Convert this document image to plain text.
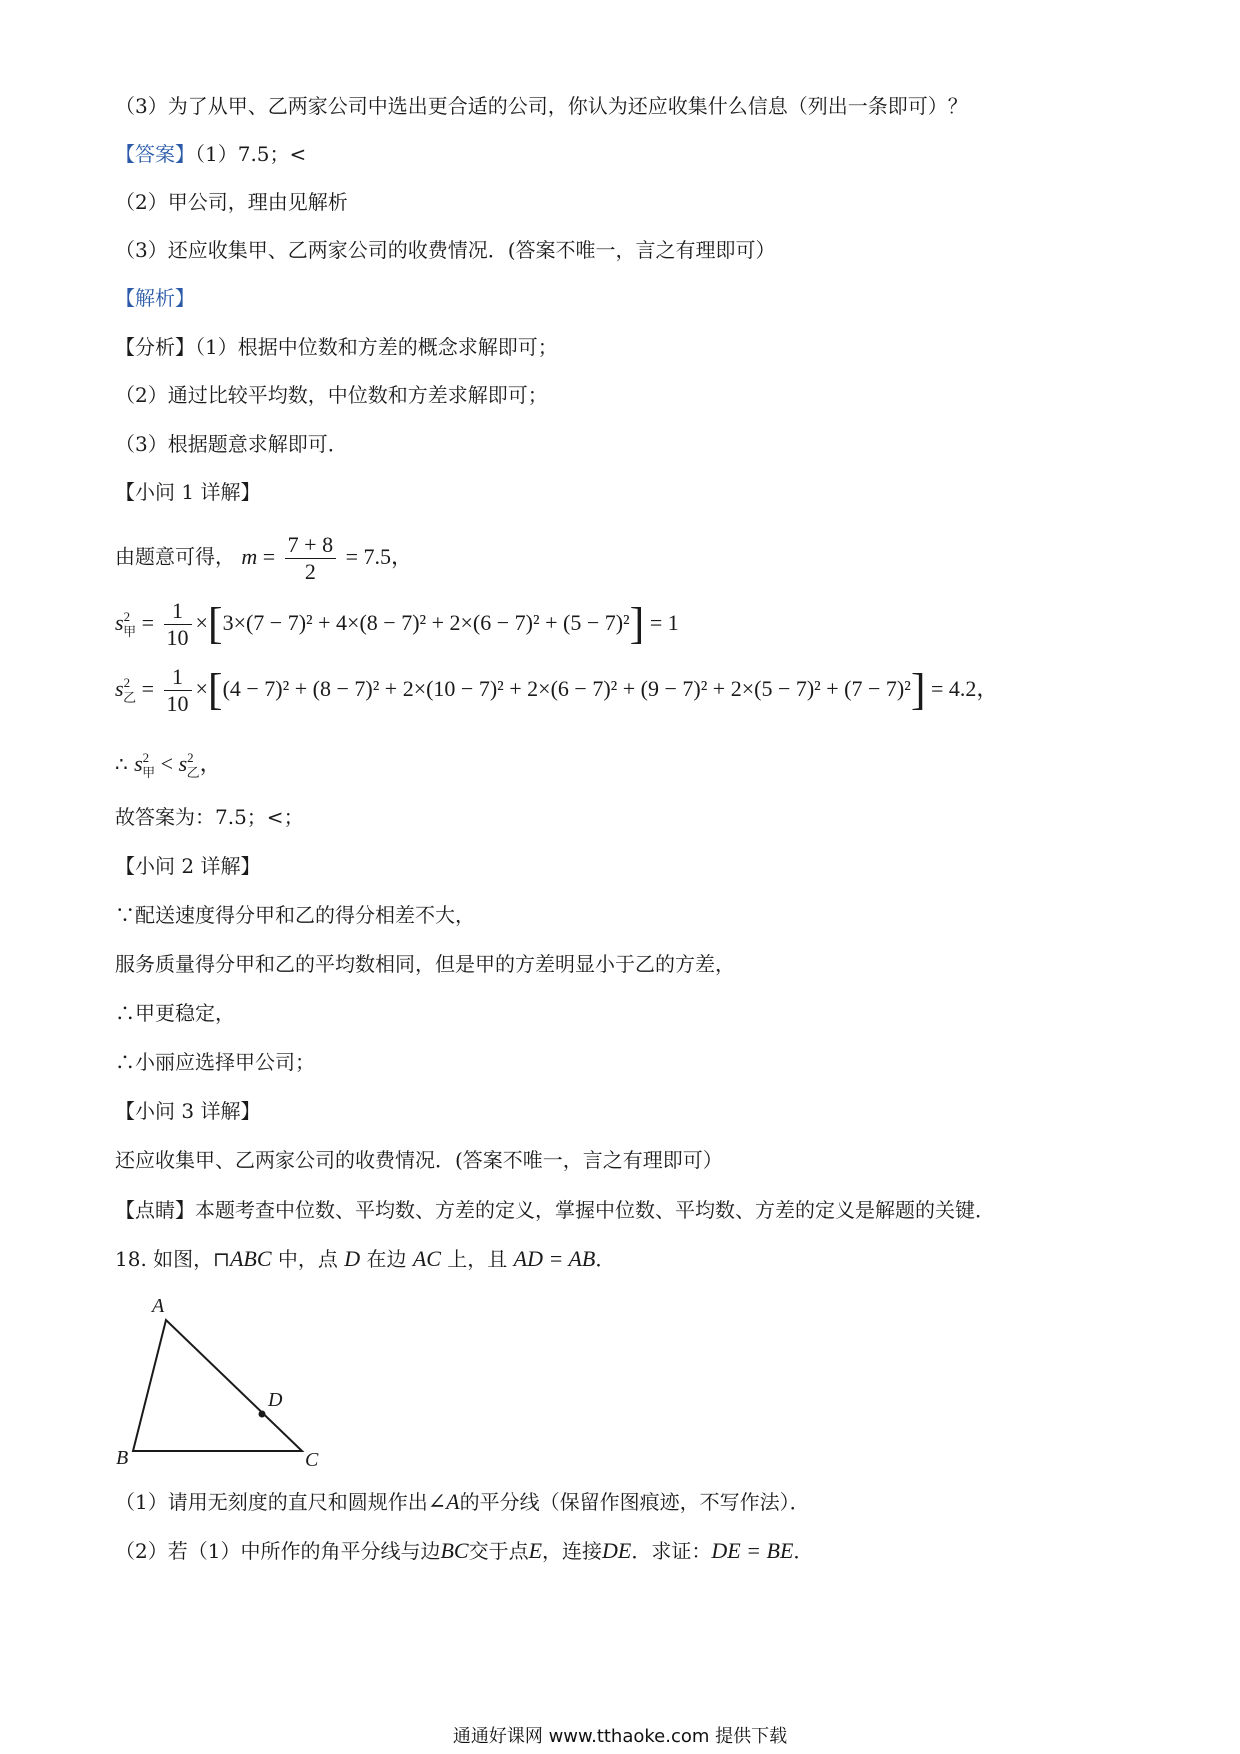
（3）为了从甲、乙两家公司中选出更合适的公司，你认为还应收集什么信息（列出一条即可）？
【答案】（1）7.5；<
（2）甲公司，理由见解析
（3）还应收集甲、乙两家公司的收费情况．(答案不唯一，言之有理即可）
【解析】
【分析】（1）根据中位数和方差的概念求解即可；
（2）通过比较平均数，中位数和方差求解即可；
（3）根据题意求解即可．
【小问 1 详解】
由题意可得， $m = \frac{7 + 8}{2} = 7.5$，
$s^2_甲 = \frac{1}{10} \times[3\times(7 - 7)^2 + 4\times(8 - 7)^2 + 2\times(6 - 7)^2 + (5 - 7)^2] = 1$
$s^2_乙 = \frac{1}{10} \times[(4 - 7)^2 + (8 - 7)^2 + 2\times(10 - 7)^2 + 2\times(6 - 7)^2 + (9 - 7)^2 + 2\times(5 - 7)^2 + (7 - 7)^2] = 4.2$，
∴ $s^2_甲 < s^2_乙$，
故答案为：7.5；<；
【小问 2 详解】
∵配送速度得分甲和乙的得分相差不大，
服务质量得分甲和乙的平均数相同，但是甲的方差明显小于乙的方差，
∴甲更稳定，
∴小丽应选择甲公司；
【小问 3 详解】
还应收集甲、乙两家公司的收费情况．(答案不唯一，言之有理即可）
【点睛】本题考查中位数、平均数、方差的定义，掌握中位数、平均数、方差的定义是解题的关键．
18. 如图，⊓ABC 中，点 D 在边 AC 上，且 AD = AB．
A
B	C
D
（1）请用无刻度的直尺和圆规作出∠A的平分线（保留作图痕迹，不写作法）．
（2）若（1）中所作的角平分线与边BC交于点E，连接DE．求证：DE = BE．
通通好课网 www.tthaoke.com 提供下载
